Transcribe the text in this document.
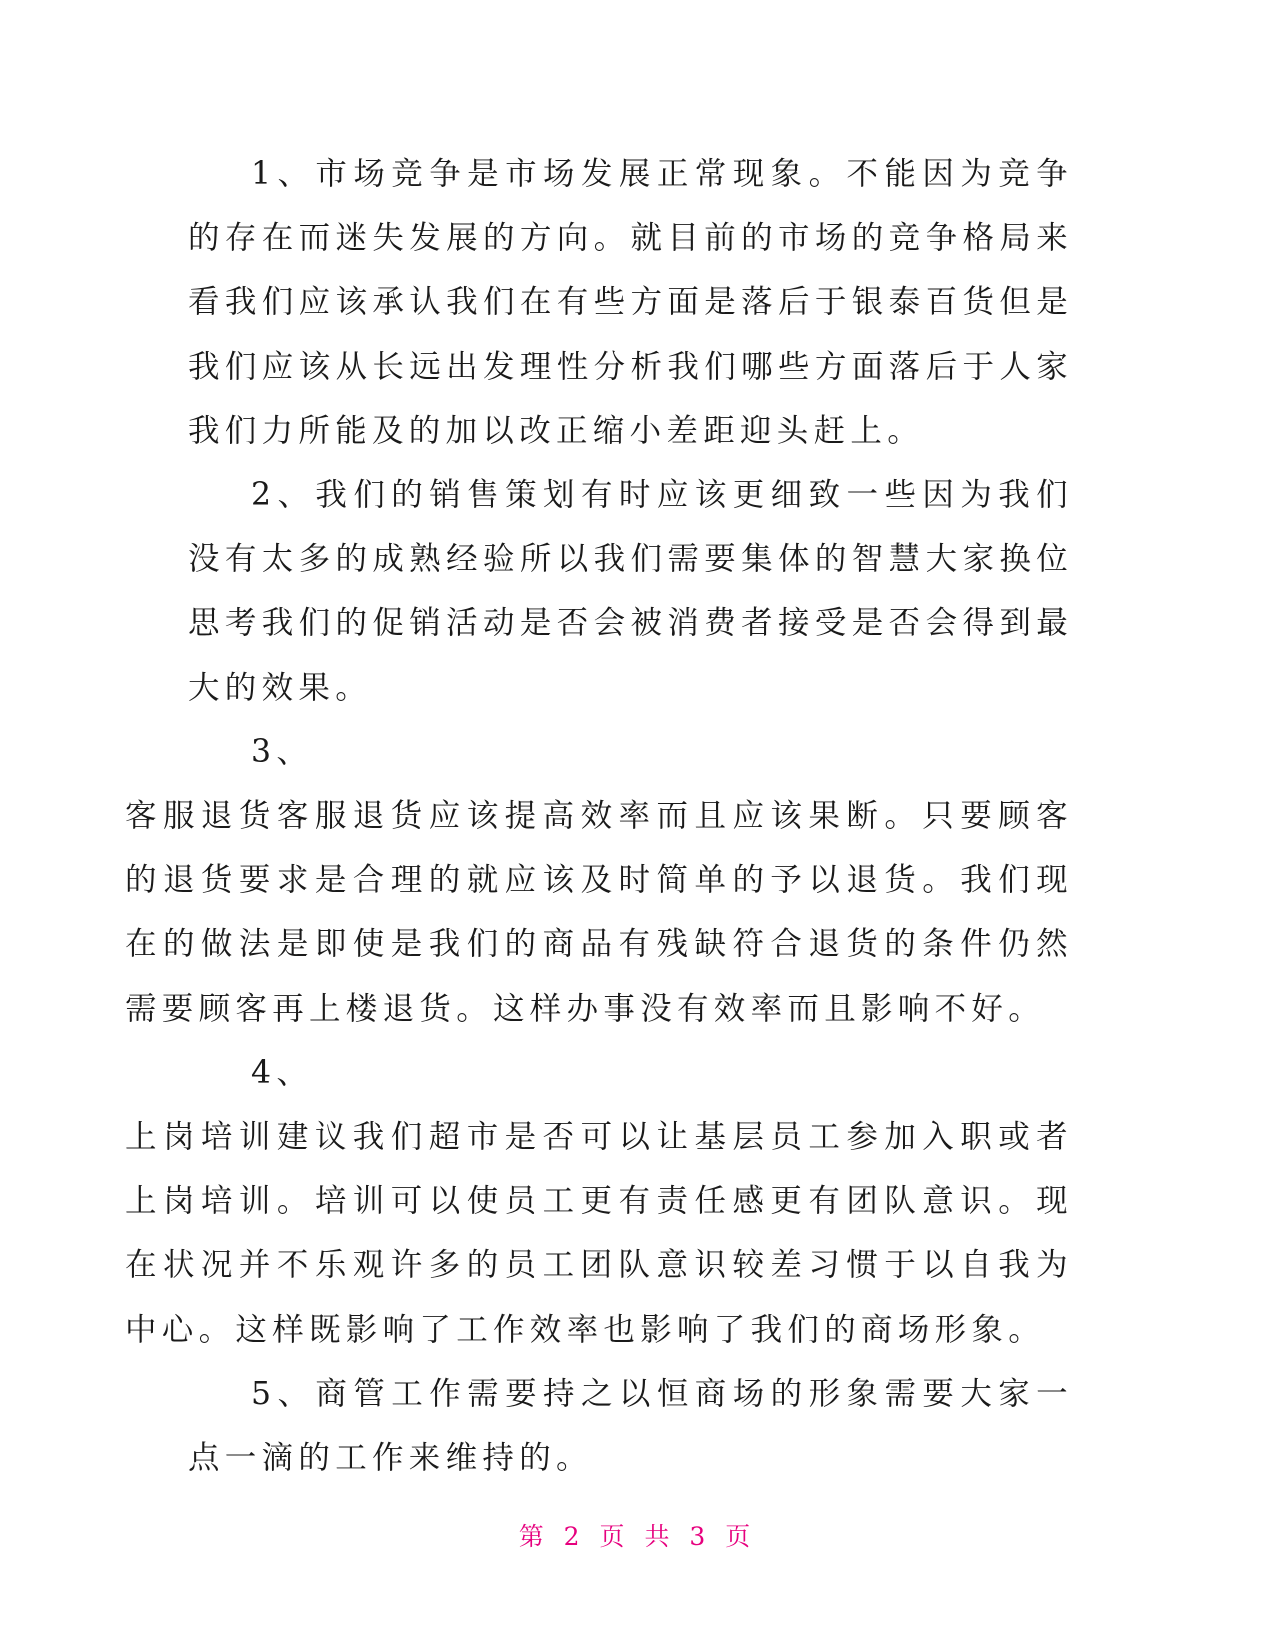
1、市场竞争是市场发展正常现象。不能因为竞争的存在而迷失发展的方向。就目前的市场的竞争格局来看我们应该承认我们在有些方面是落后于银泰百货但是我们应该从长远出发理性分析我们哪些方面落后于人家我们力所能及的加以改正缩小差距迎头赶上。

2、我们的销售策划有时应该更细致一些因为我们没有太多的成熟经验所以我们需要集体的智慧大家换位思考我们的促销活动是否会被消费者接受是否会得到最大的效果。

3、
客服退货客服退货应该提高效率而且应该果断。只要顾客的退货要求是合理的就应该及时简单的予以退货。我们现在的做法是即使是我们的商品有残缺符合退货的条件仍然需要顾客再上楼退货。这样办事没有效率而且影响不好。

4、
上岗培训建议我们超市是否可以让基层员工参加入职或者上岗培训。培训可以使员工更有责任感更有团队意识。现在状况并不乐观许多的员工团队意识较差习惯于以自我为中心。这样既影响了工作效率也影响了我们的商场形象。

5、商管工作需要持之以恒商场的形象需要大家一点一滴的工作来维持的。

第 2 页 共 3 页
